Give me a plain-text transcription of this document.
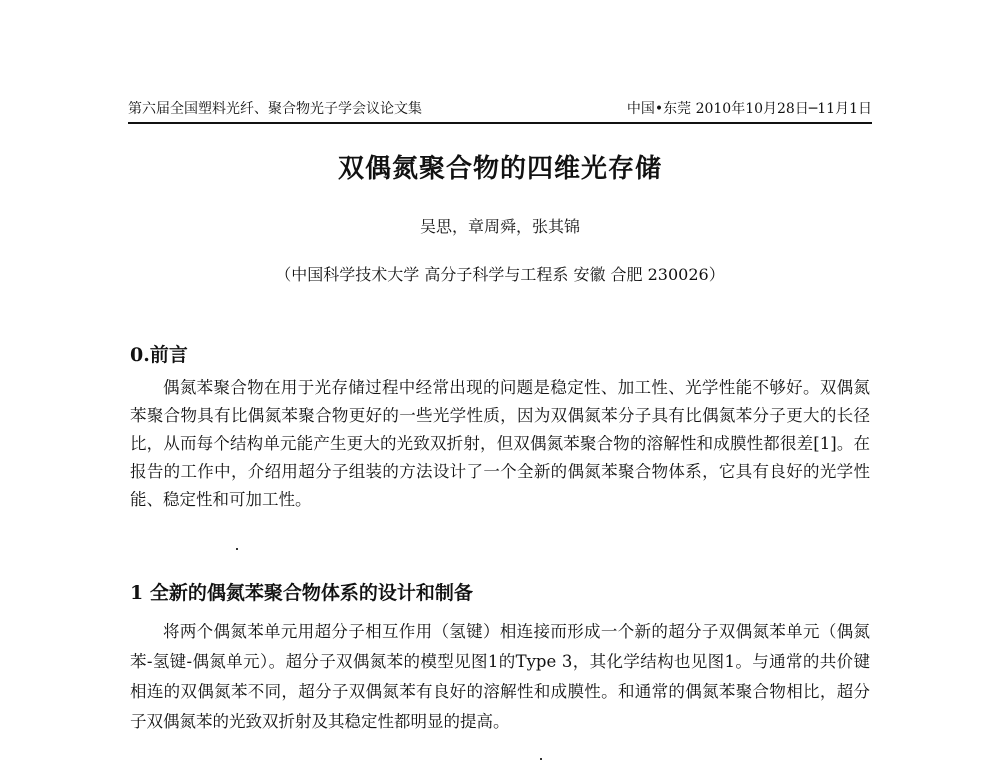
第六届全国塑料光纤、聚合物光子学会议论文集	中国•东莞 2010年10月28日─11月1日
双偶氮聚合物的四维光存储
吴思，章周舜，张其锦
（中国科学技术大学 高分子科学与工程系 安徽 合肥 230026）
0.前言

偶氮苯聚合物在用于光存储过程中经常出现的问题是稳定性、加工性、光学性能不够好。双偶氮苯聚合物具有比偶氮苯聚合物更好的一些光学性质，因为双偶氮苯分子具有比偶氮苯分子更大的长径比，从而每个结构单元能产生更大的光致双折射，但双偶氮苯聚合物的溶解性和成膜性都很差[1]。在报告的工作中，介绍用超分子组装的方法设计了一个全新的偶氮苯聚合物体系，它具有良好的光学性能、稳定性和可加工性。

1 全新的偶氮苯聚合物体系的设计和制备

将两个偶氮苯单元用超分子相互作用（氢键）相连接而形成一个新的超分子双偶氮苯单元（偶氮苯-氢键-偶氮单元）。超分子双偶氮苯的模型见图1的Type 3，其化学结构也见图1。与通常的共价键相连的双偶氮苯不同，超分子双偶氮苯有良好的溶解性和成膜性。和通常的偶氮苯聚合物相比，超分子双偶氮苯的光致双折射及其稳定性都明显的提高。
